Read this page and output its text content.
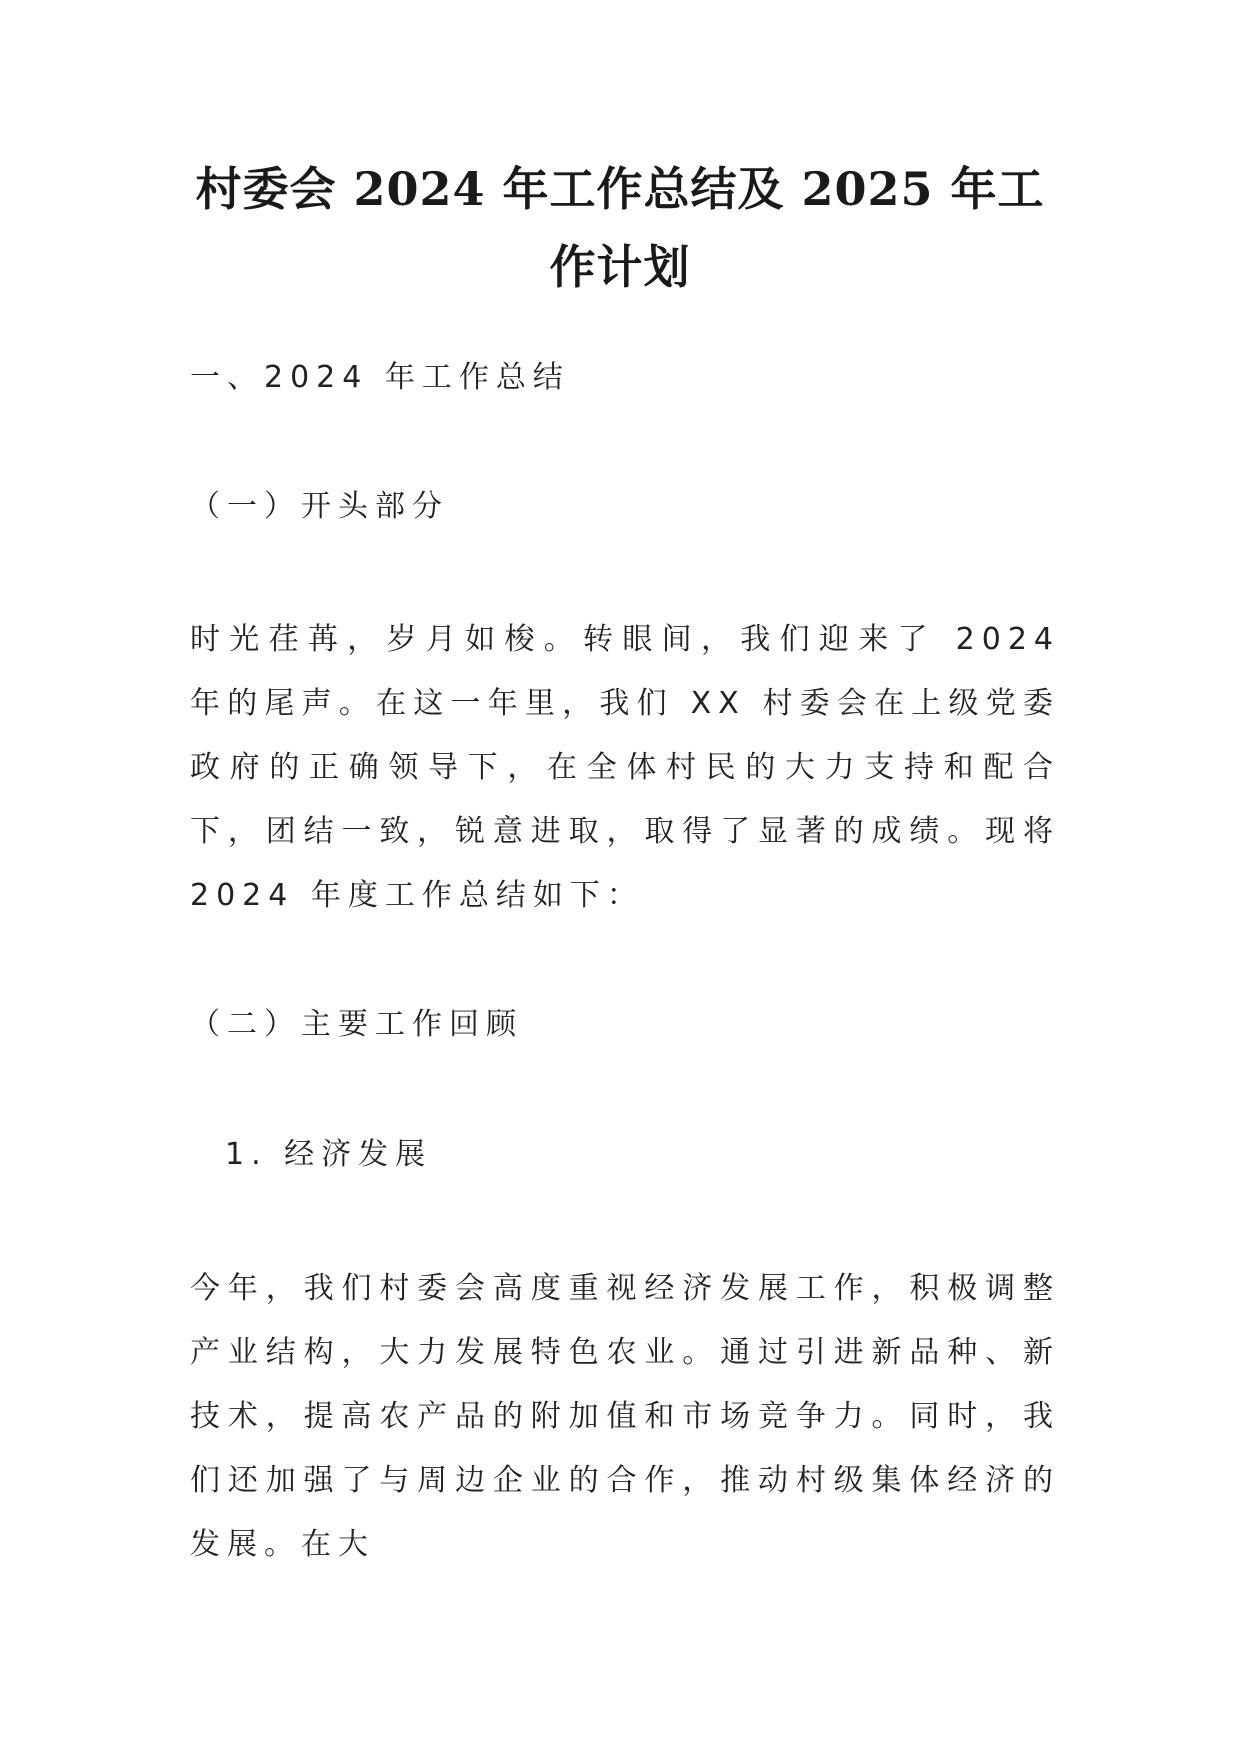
村委会 2024 年工作总结及 2025 年工作计划
一、2024 年工作总结
（一）开头部分

时光荏苒，岁月如梭。转眼间，我们迎来了 2024 年的尾声。在这一年里，我们 XX 村委会在上级党委政府的正确领导下，在全体村民的大力支持和配合下，团结一致，锐意进取，取得了显著的成绩。现将 2024 年度工作总结如下：

（二）主要工作回顾
1. 经济发展

今年，我们村委会高度重视经济发展工作，积极调整产业结构，大力发展特色农业。通过引进新品种、新技术，提高农产品的附加值和市场竞争力。同时，我们还加强了与周边企业的合作，推动村级集体经济的发展。在大
